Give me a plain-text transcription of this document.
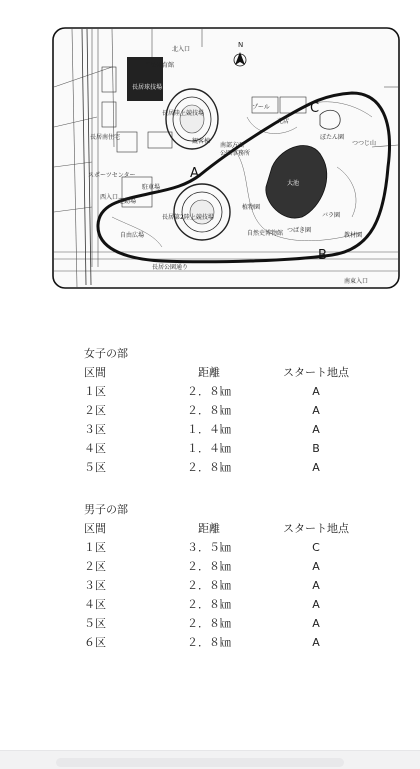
N
北入口
市民体育館
長居球技場
長居陸上競技場
長居南住宅
プール
観客棟
南部方面
公園事務所
売店
スポーツセンター
西入口
運動場
駐車場
長居第2陸上競技場
自由広場
植物園
大池
ぼたん園
つつじ山
バラ園
つばき園
自然史博物館	教材園
長居公園通り
南東入口
A
B
C
女子の部
区間	距離	スタート地点
１区	２．８㎞	A
２区	２．８㎞	A
３区	１．４㎞	A
４区	１．４㎞	B
５区	２．８㎞	A
男子の部
区間	距離	スタート地点
１区	３．５㎞	C
２区	２．８㎞	A
３区	２．８㎞	A
４区	２．８㎞	A
５区	２．８㎞	A
６区	２．８㎞	A
